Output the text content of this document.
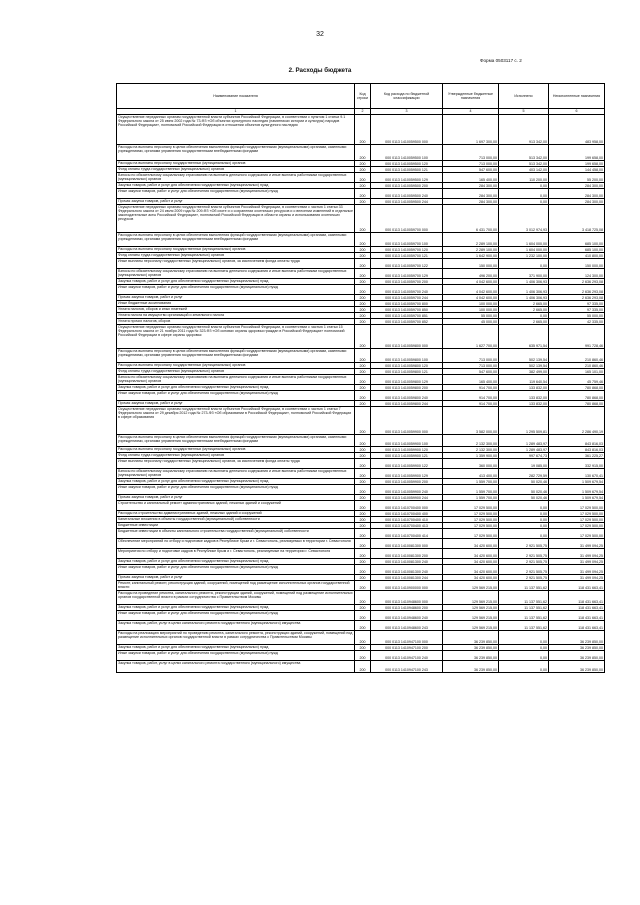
32
Форма 0503117 с. 2
2. Расходы бюджета
Наименование показателя	Код строки	Код расхода по бюджетной классификации	Утвержденные бюджетные назначения	Исполнено	Неисполненные назначения
1	2	3	4	5	6
Осуществление переданных органам государственной власти субъектов Российской Федерации, в соответствии с пунктом 1 статьи 9.1 Федерального закона от 25 июня 2002 года № 73-ФЗ «Об объектах культурного наследия (памятниках истории и культуры) народов Российской Федерации», полномочий Российской Федерации в отношении объектов культурного наследия	200	000 0113 1410059500 000	1 697 300,00	913 342,00	483 958,00
Расходы на выплаты персоналу в целях обеспечения выполнения функций государственными (муниципальными) органами, казенными учреждениями, органами управления государственными внебюджетными фондами	200	000 0113 1410059500 100	713 000,00	513 342,00	199 658,00
Расходы на выплаты персоналу государственных (муниципальных) органов	200	000 0113 1410059500 120	713 000,00	513 342,00	199 658,00
Фонд оплаты труда государственных (муниципальных) органов	200	000 0113 1410059500 121	547 600,00	403 142,00	144 458,00
Взносы по обязательному социальному страхованию на выплаты денежного содержания и иные выплаты работникам государственных (муниципальных) органов	200	000 0113 1410059500 129	165 400,00	110 200,00	55 200,00
Закупка товаров, работ и услуг для обеспечения государственных (муниципальных) нужд	200	000 0113 1410059500 200	284 300,00	0,00	284 300,00
Иные закупки товаров, работ и услуг для обеспечения государственных (муниципальных) нужд	200	000 0113 1410059500 240	284 300,00	0,00	284 300,00
Прочая закупка товаров, работ и услуг	200	000 0113 1410059500 244	284 300,00	0,00	284 300,00
Осуществление переданных органам государственной власти субъектов Российской Федерации, в соответствии с частью 1 статьи 33 Федерального закона от 24 июля 2009 года № 209-ФЗ «Об охоте и о сохранении охотничьих ресурсов и о внесении изменений в отдельные законодательные акты Российской Федерации», полномочий Российской Федерации в области охраны и использования охотничьих ресурсов	200	000 0113 1410059700 000	6 431 700,00	3 012 974,93	3 418 725,08
Расходы на выплаты персоналу в целях обеспечения выполнения функций государственными (муниципальными) органами, казенными учреждениями, органами управления государственными внебюджетными фондами	200	000 0113 1410059700 100	2 289 100,00	1 604 000,00	685 100,00
Расходы на выплаты персоналу государственных (муниципальных) органов	200	000 0113 1410059700 120	2 289 100,00	1 604 000,00	685 100,00
Фонд оплаты труда государственных (муниципальных) органов	200	000 0113 1410059700 121	1 642 900,00	1 232 100,00	410 800,00
Иные выплаты персоналу государственных (муниципальных) органов, за исключением фонда оплаты труда	200	000 0113 1410059700 122	150 000,00	0,00	150 000,00
Взносы по обязательному социальному страхованию на выплаты денежного содержания и иные выплаты работникам государственных (муниципальных) органов	200	000 0113 1410059700 129	496 200,00	371 900,00	124 300,00
Закупка товаров, работ и услуг для обеспечения государственных (муниципальных) нужд	200	000 0113 1410059700 200	4 042 600,00	1 406 306,93	2 636 293,08
Иные закупки товаров, работ и услуг для обеспечения государственных (муниципальных) нужд	200	000 0113 1410059700 240	4 042 600,00	1 406 306,93	2 636 293,08
Прочая закупка товаров, работ и услуг	200	000 0113 1410059700 244	4 042 600,00	1 406 306,93	2 636 293,08
Иные бюджетные ассигнования	200	000 0113 1410059700 800	100 000,00	2 665,00	97 335,00
Уплата налогов, сборов и иных платежей	200	000 0113 1410059700 850	100 000,00	2 665,00	97 335,00
Уплата налога на имущество организаций и земельного налога	200	000 0113 1410059700 851	55 000,00	0,00	55 000,00
Уплата прочих налогов, сборов	200	000 0113 1410059700 852	45 000,00	2 665,00	42 335,00
Осуществление переданных органам государственной власти субъектов Российской Федерации, в соответствии с частью 1 статьи 15 Федерального закона от 21 ноября 2011 года № 323-ФЗ «Об основах охраны здоровья граждан в Российской Федерации» полномочий Российской Федерации в сфере охраны здоровья	200	000 0113 1410059800 000	1 627 700,00	635 971,54	991 728,46
Расходы на выплаты персоналу в целях обеспечения выполнения функций государственными (муниципальными) органами, казенными учреждениями, органами управления государственными внебюджетными фондами	200	000 0113 1410059800 100	713 000,00	502 139,54	210 860,46
Расходы на выплаты персоналу государственных (муниципальных) органов	200	000 0113 1410059800 120	713 000,00	502 139,54	210 860,46
Фонд оплаты труда государственных (муниципальных) органов	200	000 0113 1410059800 121	547 600,00	382 499,00	165 101,00
Взносы по обязательному социальному страхованию на выплаты денежного содержания и иные выплаты работникам государственных (муниципальных) органов	200	000 0113 1410059800 129	165 400,00	119 640,54	45 759,46
Закупка товаров, работ и услуг для обеспечения государственных (муниципальных) нужд	200	000 0113 1410059800 200	914 700,00	133 832,00	780 868,00
Иные закупки товаров, работ и услуг для обеспечения государственных (муниципальных) нужд	200	000 0113 1410059800 240	914 700,00	133 832,00	780 868,00
Прочая закупка товаров, работ и услуг	200	000 0113 1410059800 244	914 700,00	133 832,00	780 868,00
Осуществление переданных органам государственной власти субъектов Российской Федерации, в соответствии с частью 1 статьи 7 Федерального закона от 29 декабря 2012 года № 273-ФЗ «Об образовании в Российской Федерации», полномочий Российской Федерации в сфере образования	200	000 0113 1410059900 000	3 582 000,00	1 295 509,81	2 286 490,19
Расходы на выплаты персоналу в целях обеспечения выполнения функций государственными (муниципальными) органами, казенными учреждениями, органами управления государственными внебюджетными фондами	200	000 0113 1410059900 100	2 132 300,00	1 289 483,97	843 816,03
Расходы на выплаты персоналу государственных (муниципальных) органов	200	000 0113 1410059900 120	2 132 300,00	1 289 483,97	843 816,03
Фонд оплаты труда государственных (муниципальных) органов	200	000 0113 1410059900 121	1 359 900,00	997 674,73	361 225,27
Иные выплаты персоналу государственных (муниципальных) органов, за исключением фонда оплаты труда	200	000 0113 1410059900 122	360 000,00	19 085,00	332 915,00
Взносы по обязательному социальному страхованию на выплаты денежного содержания и иные выплаты работникам государственных (муниципальных) органов	200	000 0113 1410059900 129	413 400,00	282 729,59	130 670,41
Закупка товаров, работ и услуг для обеспечения государственных (муниципальных) нужд	200	000 0113 1410059900 200	1 559 700,00	50 020,46	1 509 679,54
Иные закупки товаров, работ и услуг для обеспечения государственных (муниципальных) нужд	200	000 0113 1410059900 240	1 559 700,00	50 020,46	1 509 679,54
Прочая закупка товаров, работ и услуг	200	000 0113 1410059900 244	1 559 700,00	50 020,46	1 509 679,54
Строительство и капитальный ремонт административных зданий, нежилых зданий и сооружений	200	000 0113 1410700400 000	17 029 500,00	0,00	17 029 500,00
Расходы на строительство административных зданий, нежилых зданий и сооружений	200	000 0113 1410700400 400	17 029 500,00	0,00	17 029 500,00
Капитальные вложения в объекты государственной (муниципальной) собственности	200	000 0113 1410700400 410	17 029 500,00	0,00	17 029 500,00
Бюджетные инвестиции	200	000 0113 1410700400 413	17 029 500,00	0,00	17 029 500,00
Бюджетные инвестиции в объекты капитального строительства государственной (муниципальной) собственности	200	000 0113 1410700400 414	17 029 500,00	0,00	17 029 500,00
Обеспечение мероприятий по отбору и подготовке кадров в Республике Крым и г. Севастополь, реализуемых в территории г. Севастополя	200	000 0113 1410081300 000	34 420 600,00	2 921 505,75	31 499 094,25
Мероприятия по отбору и подготовке кадров в Республике Крым и г. Севастополь, реализуемые на территории г. Севастополя	200	000 0113 1410081300 200	34 420 600,00	2 921 505,75	31 499 094,25
Закупка товаров, работ и услуг для обеспечения государственных (муниципальных) нужд	200	000 0113 1410081300 240	34 420 600,00	2 921 505,75	31 499 094,25
Иные закупки товаров, работ и услуг для обеспечения государственных (муниципальных) нужд	200	000 0113 1410081300 240	34 420 600,00	2 921 505,75	31 499 094,25
Прочая закупка товаров, работ и услуг	200	000 0113 1410081300 244	34 420 600,00	2 921 505,75	31 499 094,25
Ремонт, капитальный ремонт, реконструкция зданий, сооружений, помещений под размещение исполнительных органов государственной власти	200	000 0113 1410900000 000	129 569 215,00	11 137 551,62	118 431 663,41
Расходы на проведение ремонта, капитального ремонта, реконструкции зданий, сооружений, помещений под размещение исполнительных органов государственной власти в рамках сотрудничества с Правительством Москвы	200	000 0113 1410948600 000	129 569 215,00	11 137 551,62	118 431 663,41
Закупка товаров, работ и услуг для обеспечения государственных (муниципальных) нужд	200	000 0113 1410948600 200	129 569 215,00	11 137 551,62	118 431 663,41
Иные закупки товаров, работ и услуг для обеспечения государственных (муниципальных) нужд	200	000 0113 1410948600 240	129 569 215,00	11 137 551,62	118 431 663,41
Закупка товаров, работ, услуг в целях капитального ремонта государственного (муниципального) имущества	200	000 0113 1410948600 243	129 569 215,00	11 137 551,62	118 431 663,41
Расходы на реализацию мероприятий по проведению ремонта, капитального ремонта, реконструкции зданий, сооружений, помещений под размещение исполнительных органов государственной власти в рамках сотрудничества с Правительством Москвы	200	000 0113 1410947100 000	36 239 850,00	0,00	36 239 850,00
Закупка товаров, работ и услуг для обеспечения государственных (муниципальных) нужд	200	000 0113 1410947100 200	36 239 850,00	0,00	36 239 850,00
Иные закупки товаров, работ и услуг для обеспечения государственных (муниципальных) нужд	200	000 0113 1410947100 240	36 239 850,00	0,00	36 239 850,00
Закупка товаров, работ, услуг в целях капитального ремонта государственного (муниципального) имущества	200	000 0113 1410947100 243	36 239 850,00	0,00	36 239 850,00
